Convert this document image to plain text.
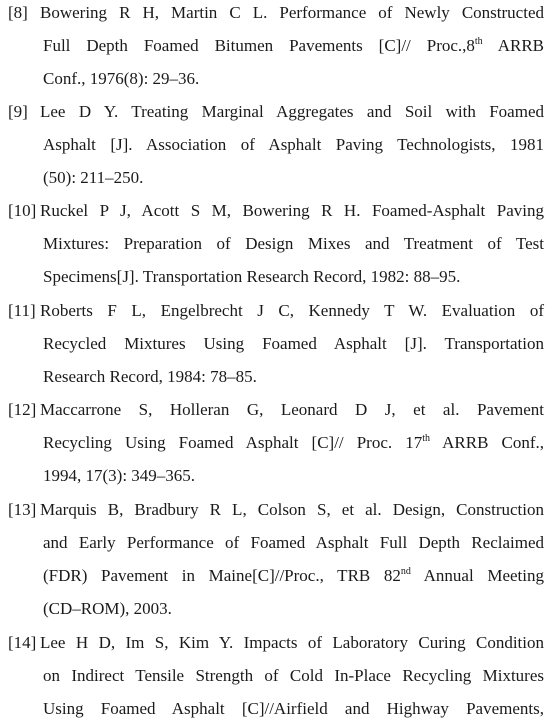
[8] Bowering R H, Martin C L. Performance of Newly Constructed
Full Depth Foamed Bitumen Pavements [C]// Proc.,8th ARRB
Conf., 1976(8): 29–36.
[9] Lee D Y. Treating Marginal Aggregates and Soil with Foamed
Asphalt [J]. Association of Asphalt Paving Technologists, 1981
(50): 211–250.
[10] Ruckel P J, Acott S M, Bowering R H. Foamed-Asphalt Paving
Mixtures: Preparation of Design Mixes and Treatment of Test
Specimens[J]. Transportation Research Record, 1982: 88–95.
[11] Roberts F L, Engelbrecht J C, Kennedy T W. Evaluation of
Recycled Mixtures Using Foamed Asphalt [J]. Transportation
Research Record, 1984: 78–85.
[12] Maccarrone S, Holleran G, Leonard D J, et al. Pavement
Recycling Using Foamed Asphalt [C]// Proc. 17th ARRB Conf.,
1994, 17(3): 349–365.
[13] Marquis B, Bradbury R L, Colson S, et al. Design, Construction
and Early Performance of Foamed Asphalt Full Depth Reclaimed
(FDR) Pavement in Maine[C]//Proc., TRB 82nd Annual Meeting
(CD–ROM), 2003.
[14] Lee H D, Im S, Kim Y. Impacts of Laboratory Curing Condition
on Indirect Tensile Strength of Cold In-Place Recycling Mixtures
Using Foamed Asphalt [C]//Airfield and Highway Pavements,
